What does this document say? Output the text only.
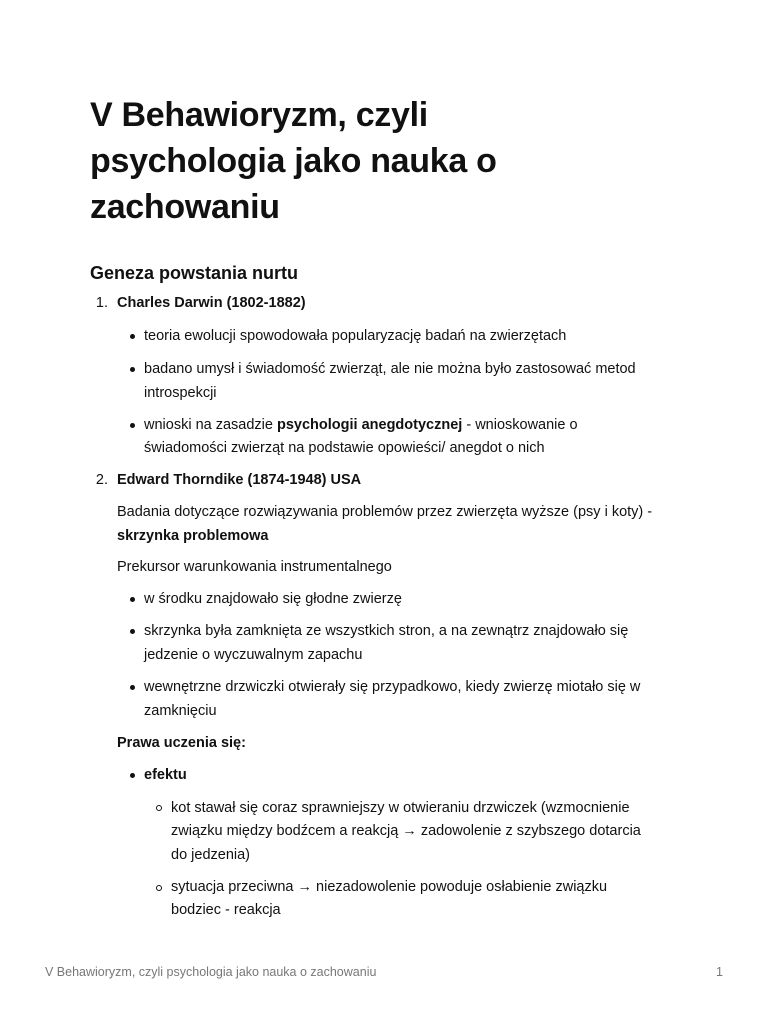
V Behawioryzm, czyli psychologia jako nauka o zachowaniu
Geneza powstania nurtu
1. Charles Darwin (1802-1882)
teoria ewolucji spowodowała popularyzację badań na zwierzętach
badano umysł i świadomość zwierząt, ale nie można było zastosować metod
introspekcji
wnioski na zasadzie psychologii anegdotycznej - wnioskowanie o
świadomości zwierząt na podstawie opowieści/ anegdot o nich
2. Edward Thorndike (1874-1948) USA
Badania dotyczące rozwiązywania problemów przez zwierzęta wyższe (psy i koty) -
skrzynka problemowa
Prekursor warunkowania instrumentalnego
w środku znajdowało się głodne zwierzę
skrzynka była zamknięta ze wszystkich stron, a na zewnątrz znajdowało się
jedzenie o wyczuwalnym zapachu
wewnętrzne drzwiczki otwierały się przypadkowo, kiedy zwierzę miotało się w
zamknięciu
Prawa uczenia się:
efektu
kot stawał się coraz sprawniejszy w otwieraniu drzwiczek (wzmocnienie
związku między bodźcem a reakcją → zadowolenie z szybszego dotarcia
do jedzenia)
sytuacja przeciwna → niezadowolenie powoduje osłabienie związku
bodziec - reakcja
V Behawioryzm, czyli psychologia jako nauka o zachowaniu	1
